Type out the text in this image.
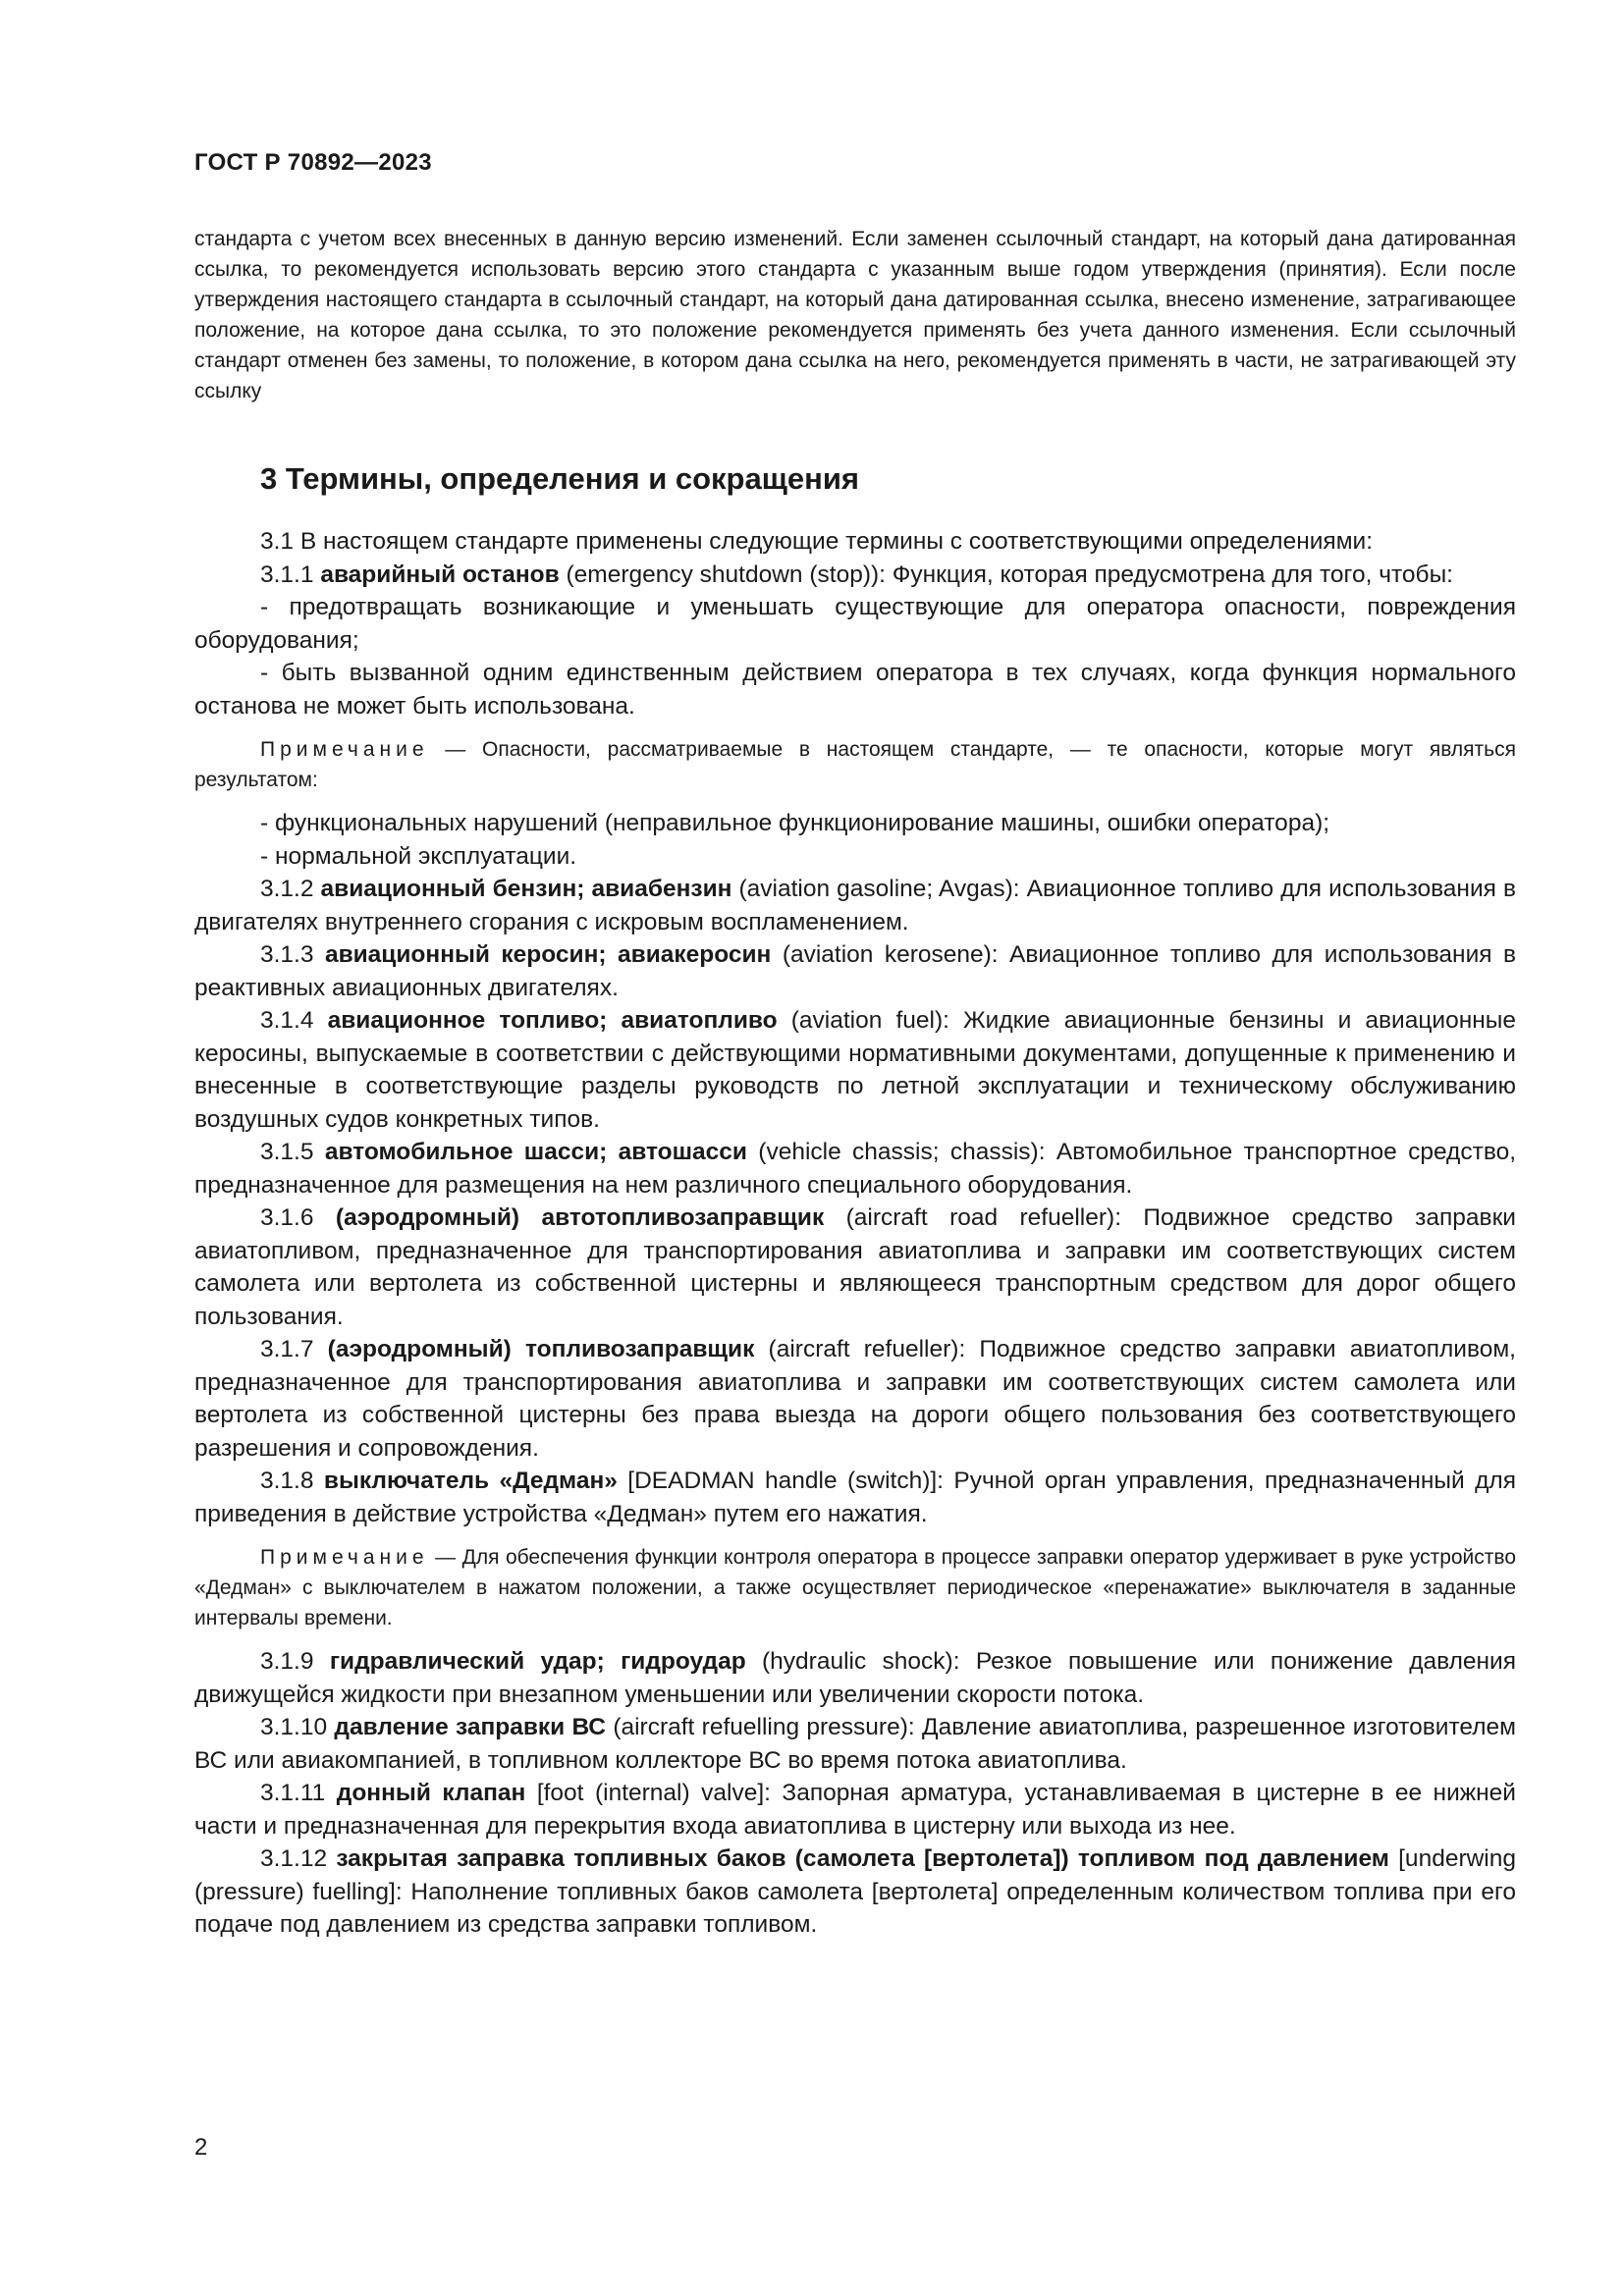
ГОСТ Р 70892—2023
стандарта с учетом всех внесенных в данную версию изменений. Если заменен ссылочный стандарт, на который дана датированная ссылка, то рекомендуется использовать версию этого стандарта с указанным выше годом утверждения (принятия). Если после утверждения настоящего стандарта в ссылочный стандарт, на который дана датированная ссылка, внесено изменение, затрагивающее положение, на которое дана ссылка, то это положение рекомендуется применять без учета данного изменения. Если ссылочный стандарт отменен без замены, то положение, в котором дана ссылка на него, рекомендуется применять в части, не затрагивающей эту ссылку
3 Термины, определения и сокращения

3.1 В настоящем стандарте применены следующие термины с соответствующими определениями:

3.1.1 аварийный останов (emergency shutdown (stop)): Функция, которая предусмотрена для того, чтобы:

- предотвращать возникающие и уменьшать существующие для оператора опасности, повреждения оборудования;

- быть вызванной одним единственным действием оператора в тех случаях, когда функция нормального останова не может быть использована.

Примечание — Опасности, рассматриваемые в настоящем стандарте, — те опасности, которые могут являться результатом:

- функциональных нарушений (неправильное функционирование машины, ошибки оператора);

- нормальной эксплуатации.

3.1.2 авиационный бензин; авиабензин (aviation gasoline; Avgas): Авиационное топливо для использования в двигателях внутреннего сгорания с искровым воспламенением.

3.1.3 авиационный керосин; авиакеросин (aviation kerosene): Авиационное топливо для использования в реактивных авиационных двигателях.

3.1.4 авиационное топливо; авиатопливо (aviation fuel): Жидкие авиационные бензины и авиационные керосины, выпускаемые в соответствии с действующими нормативными документами, допущенные к применению и внесенные в соответствующие разделы руководств по летной эксплуатации и техническому обслуживанию воздушных судов конкретных типов.

3.1.5 автомобильное шасси; автошасси (vehicle chassis; chassis): Автомобильное транспортное средство, предназначенное для размещения на нем различного специального оборудования.

3.1.6 (аэродромный) автотопливозаправщик (aircraft road refueller): Подвижное средство заправки авиатопливом, предназначенное для транспортирования авиатоплива и заправки им соответствующих систем самолета или вертолета из собственной цистерны и являющееся транспортным средством для дорог общего пользования.

3.1.7 (аэродромный) топливозаправщик (aircraft refueller): Подвижное средство заправки авиатопливом, предназначенное для транспортирования авиатоплива и заправки им соответствующих систем самолета или вертолета из собственной цистерны без права выезда на дороги общего пользования без соответствующего разрешения и сопровождения.

3.1.8 выключатель «Дедман» [DEADMAN handle (switch)]: Ручной орган управления, предназначенный для приведения в действие устройства «Дедман» путем его нажатия.

Примечание — Для обеспечения функции контроля оператора в процессе заправки оператор удерживает в руке устройство «Дедман» с выключателем в нажатом положении, а также осуществляет периодическое «перенажатие» выключателя в заданные интервалы времени.

3.1.9 гидравлический удар; гидроудар (hydraulic shock): Резкое повышение или понижение давления движущейся жидкости при внезапном уменьшении или увеличении скорости потока.

3.1.10 давление заправки ВС (aircraft refuelling pressure): Давление авиатоплива, разрешенное изготовителем ВС или авиакомпанией, в топливном коллекторе ВС во время потока авиатоплива.

3.1.11 донный клапан [foot (internal) valve]: Запорная арматура, устанавливаемая в цистерне в ее нижней части и предназначенная для перекрытия входа авиатоплива в цистерну или выхода из нее.

3.1.12 закрытая заправка топливных баков (самолета [вертолета]) топливом под давлением [underwing (pressure) fuelling]: Наполнение топливных баков самолета [вертолета] определенным количеством топлива при его подаче под давлением из средства заправки топливом.

2
